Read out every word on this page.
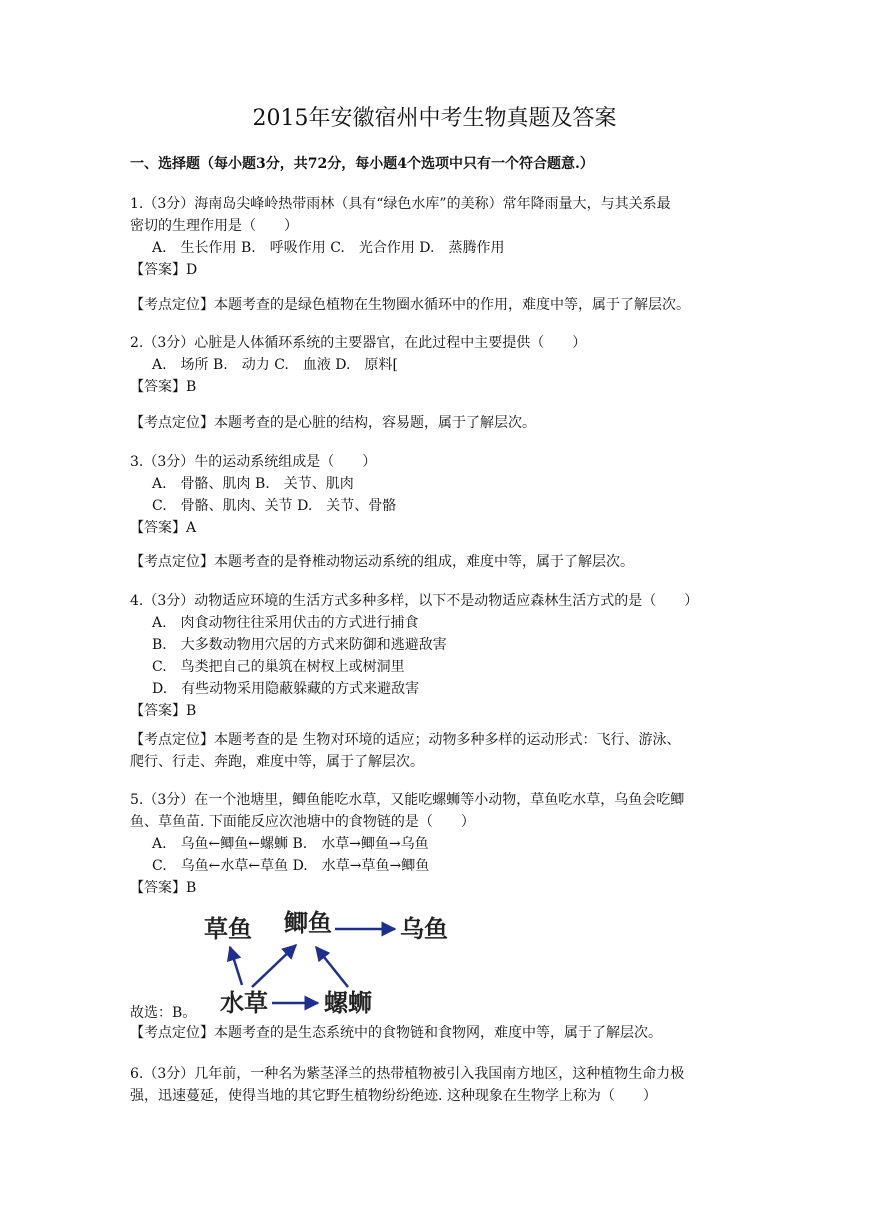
2015年安徽宿州中考生物真题及答案
一、选择题（每小题3分，共72分，每小题4个选项中只有一个符合题意.）

1.（3分）海南岛尖峰岭热带雨林（具有“绿色水库”的美称）常年降雨量大，与其关系最

密切的生理作用是（　　）

A.　生长作用 B.　呼吸作用 C.　光合作用 D.　蒸腾作用

【答案】D

【考点定位】本题考查的是绿色植物在生物圈水循环中的作用，难度中等，属于了解层次。

2.（3分）心脏是人体循环系统的主要器官，在此过程中主要提供（　　）

A.　场所 B.　动力 C.　血液 D.　原料[

【答案】B

【考点定位】本题考查的是心脏的结构，容易题，属于了解层次。

3.（3分）牛的运动系统组成是（　　）

A.　骨骼、肌肉 B.　关节、肌肉

C.　骨骼、肌肉、关节 D.　关节、骨骼

【答案】A

【考点定位】本题考查的是脊椎动物运动系统的组成，难度中等，属于了解层次。

4.（3分）动物适应环境的生活方式多种多样，以下不是动物适应森林生活方式的是（　　）

A.　肉食动物往往采用伏击的方式进行捕食

B.　大多数动物用穴居的方式来防御和逃避敌害

C.　鸟类把自己的巢筑在树杈上或树洞里

D.　有些动物采用隐蔽躲藏的方式来避敌害

【答案】B

【考点定位】本题考查的是 生物对环境的适应；动物多种多样的运动形式：飞行、游泳、

爬行、行走、奔跑，难度中等，属于了解层次。

5.（3分）在一个池塘里，鲫鱼能吃水草，又能吃螺蛳等小动物，草鱼吃水草，乌鱼会吃鲫

鱼、草鱼苗. 下面能反应次池塘中的食物链的是（　　）

A.　乌鱼←鲫鱼←螺蛳 B.　水草→鲫鱼→乌鱼

C.　乌鱼←水草←草鱼 D.　水草→草鱼→鲫鱼

【答案】B

草鱼 鲫鱼	乌鱼
水草 螺蛳
故选：B。

【考点定位】本题考查的是生态系统中的食物链和食物网，难度中等，属于了解层次。

6.（3分）几年前，一种名为紫茎泽兰的热带植物被引入我国南方地区，这种植物生命力极

强，迅速蔓延，使得当地的其它野生植物纷纷绝迹. 这种现象在生物学上称为（　　）
